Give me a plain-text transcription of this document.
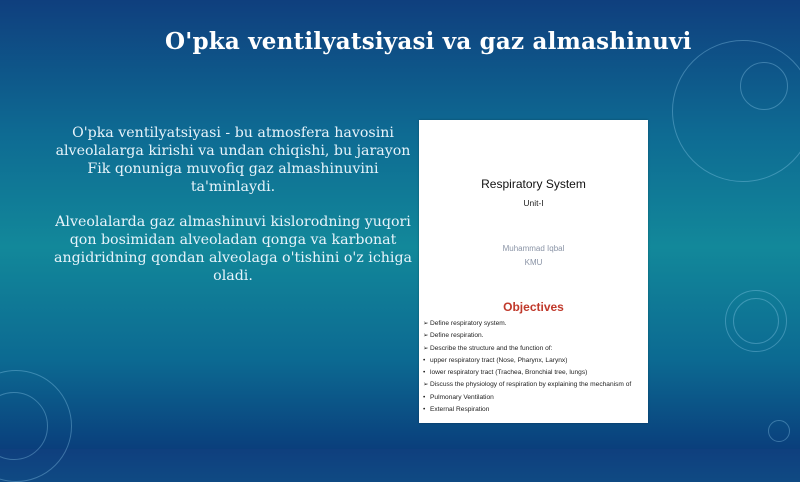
O'pka ventilyatsiyasi va gaz almashinuvi

O'pka ventilyatsiyasi - bu atmosfera havosini alveolalarga kirishi va undan chiqishi, bu jarayon Fik qonuniga muvofiq gaz almashinuvini ta'minlaydi.

Alveolalarda gaz almashinuvi kislorodning yuqori qon bosimidan alveoladan qonga va karbonat angidridning qondan alveolaga o'tishini o'z ichiga oladi.

Respiratory System
Unit-I
Muhammad Iqbal
KMU
Objectives
➢ Define respiratory system.
➢ Define respiration.
➢ Describe the structure and the function of:
• upper respiratory tract (Nose, Pharynx, Larynx)
• lower respiratory tract (Trachea, Bronchial tree, lungs)
➢ Discuss the physiology of respiration by explaining the mechanism of
• Pulmonary Ventilation
• External Respiration
